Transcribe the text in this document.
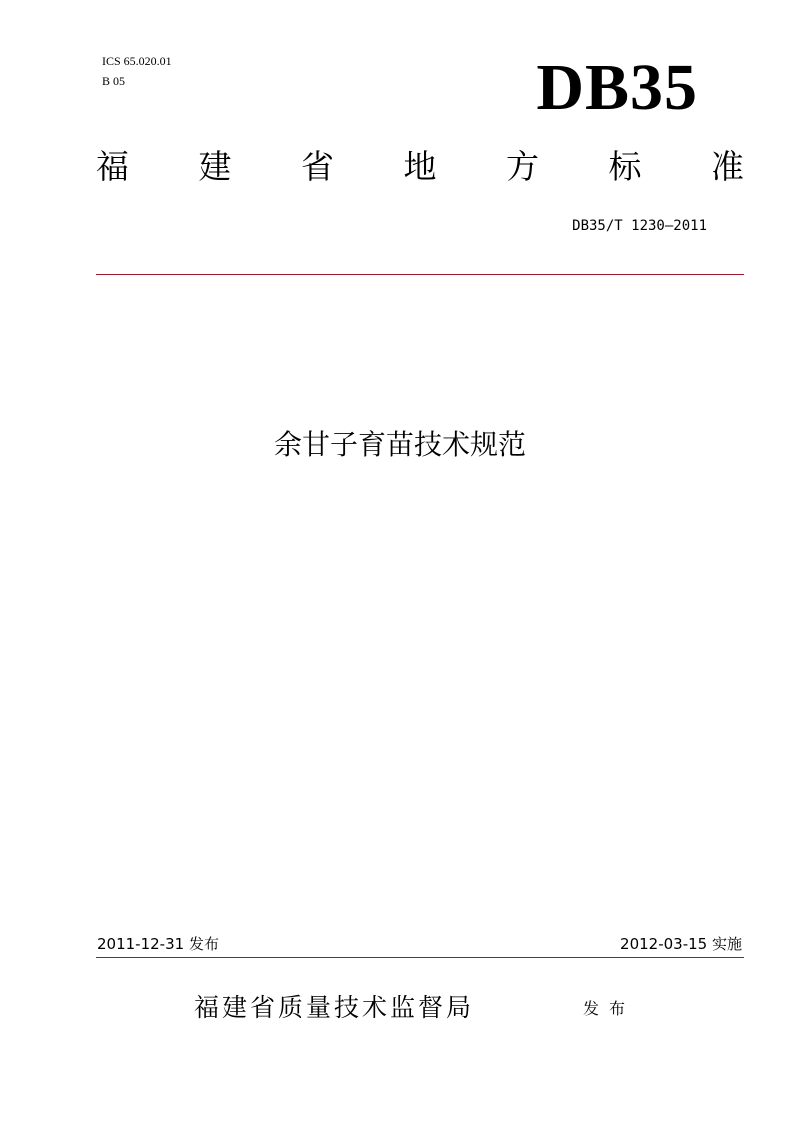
ICS 65.020.01
B 05	DB35
福 建 省 地 方 标 准
DB35/T 1230—2011
余甘子育苗技术规范
2011-12-31 发布	2012-03-15 实施
福建省质量技术监督局	发布
